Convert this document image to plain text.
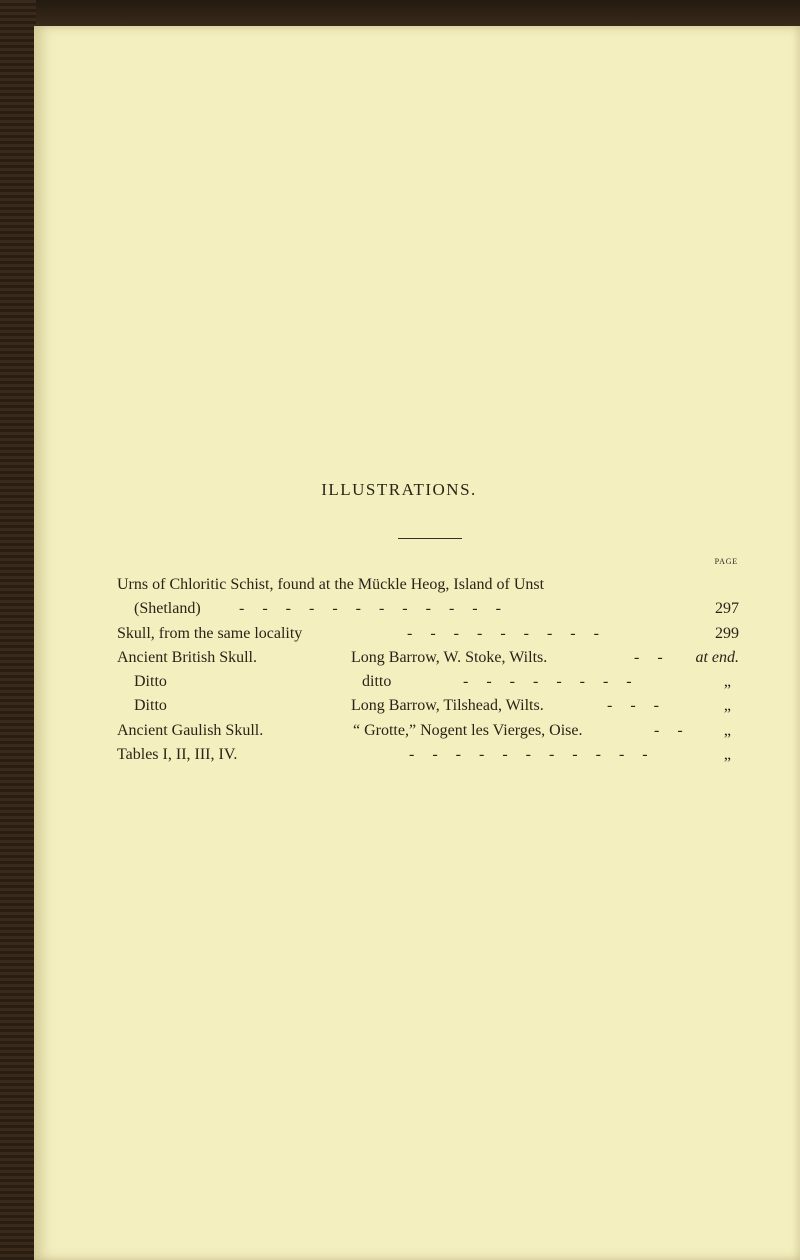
ILLUSTRATIONS.
PAGE
Urns of Chloritic Schist, found at the Mückle Heog, Island of Unst
(Shetland) - - - - - - - - - - - -	297
Skull, from the same locality	- - - - - - - - -	299
Ancient British Skull.	Long Barrow, W. Stoke, Wilts.	- - at end.
Ditto	ditto	- - - - - - - -	„
Ditto	Long Barrow, Tilshead, Wilts.	- - -	„
Ancient Gaulish Skull.	“ Grotte,” Nogent les Vierges, Oise.	- - „
Tables I, II, III, IV.	- - - - - - - - - - -	„
